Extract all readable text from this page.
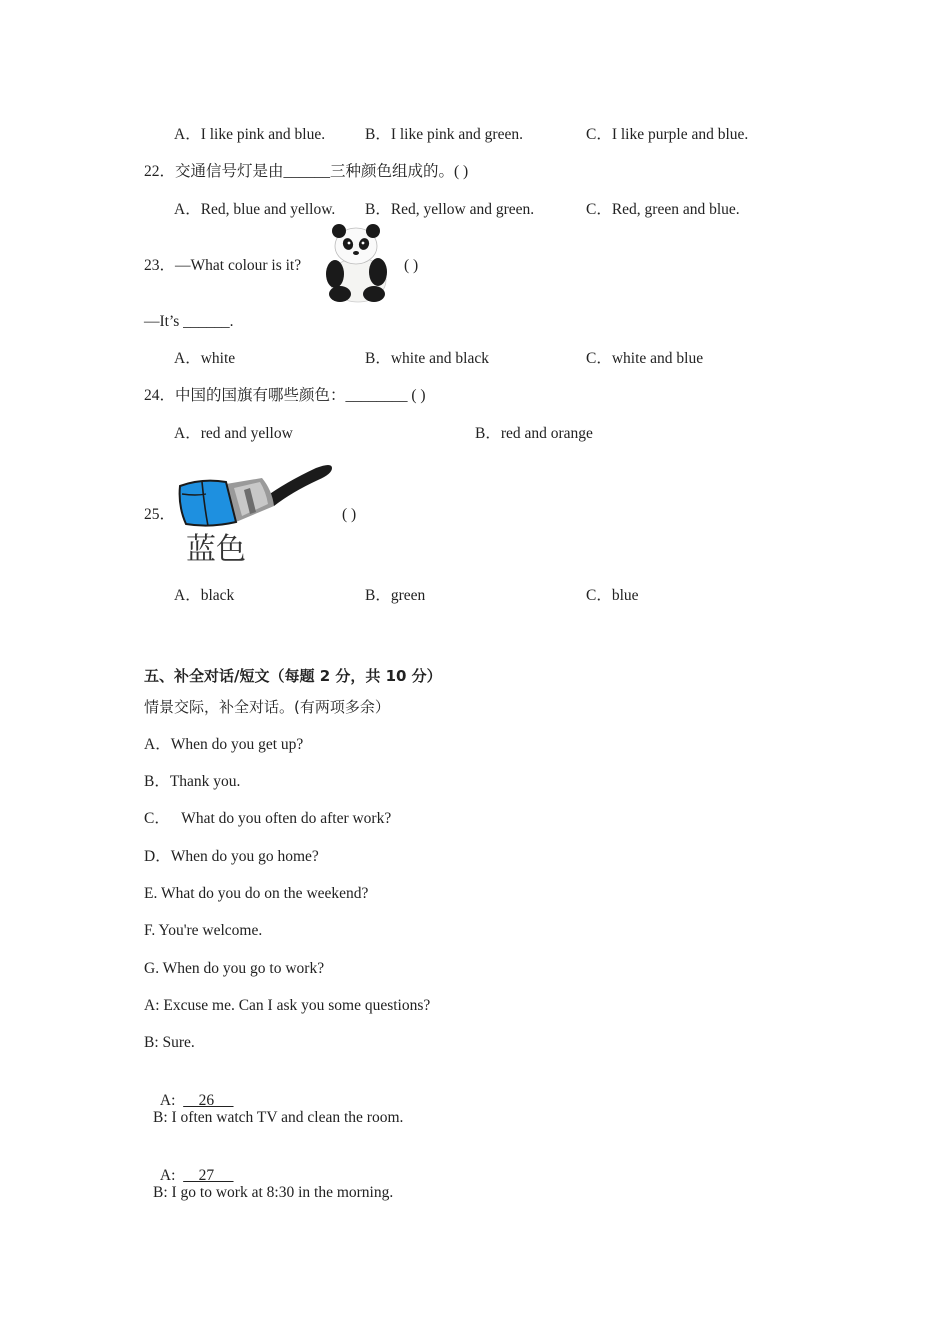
A．I like pink and blue.	B．I like pink and green.	C．I like purple and blue.
22．交通信号灯是由______三种颜色组成的。( )
A．Red, blue and yellow. B．Red, yellow and green.	C．Red, green and blue.
23．—What colour is it?	( )
—It’s ______.
A．white	B．white and black	C．white and blue
24．中国的国旗有哪些颜色：________ ( )
A．red and yellow	B．red and orange
25．
蓝色
( )
A．black	B．green	C．blue
五、补全对话/短文（每题 2 分，共 10 分）
情景交际，补全对话。(有两项多余）
A．When do you get up?
B．Thank you.
C．   What do you often do after work?
D．When do you go home?
E. What do you do on the weekend?
F. You're welcome.
G. When do you go to work?
A: Excuse me. Can I ask you some questions?
B: Sure.

A:      26

B: I often watch TV and clean the room.

A:      27

B: I go to work at 8:30 in the morning.
